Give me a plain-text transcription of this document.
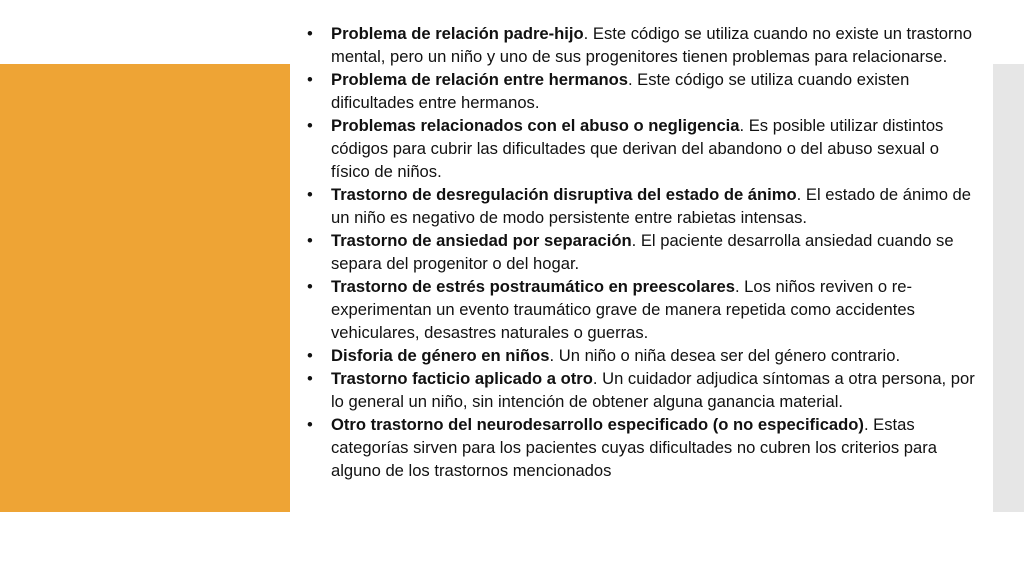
•	Problema de relación padre-hijo. Este código se utiliza cuando no existe un trastorno mental, pero un niño y uno de sus progenitores tienen problemas para relacionarse.
•	Problema de relación entre hermanos. Este código se utiliza cuando existen dificultades entre hermanos.
•	Problemas relacionados con el abuso o negligencia. Es posible utilizar distintos códigos para cubrir las dificultades que derivan del abandono o del abuso sexual o físico de niños.
•	Trastorno de desregulación disruptiva del estado de ánimo. El estado de ánimo de un niño es negativo de modo persistente entre rabietas intensas.
•	Trastorno de ansiedad por separación. El paciente desarrolla ansiedad cuando se separa del progenitor o del hogar.
•	Trastorno de estrés postraumático en preescolares. Los niños reviven o re-experimentan un evento traumático grave de manera repetida como accidentes vehiculares, desastres naturales o guerras.
•	Disforia de género en niños. Un niño o niña desea ser del género contrario.
•	Trastorno facticio aplicado a otro. Un cuidador adjudica síntomas a otra persona, por lo general un niño, sin intención de obtener alguna ganancia material.
•	Otro trastorno del neurodesarrollo especificado (o no especificado). Estas categorías sirven para los pacientes cuyas dificultades no cubren los criterios para alguno de los trastornos mencionados
